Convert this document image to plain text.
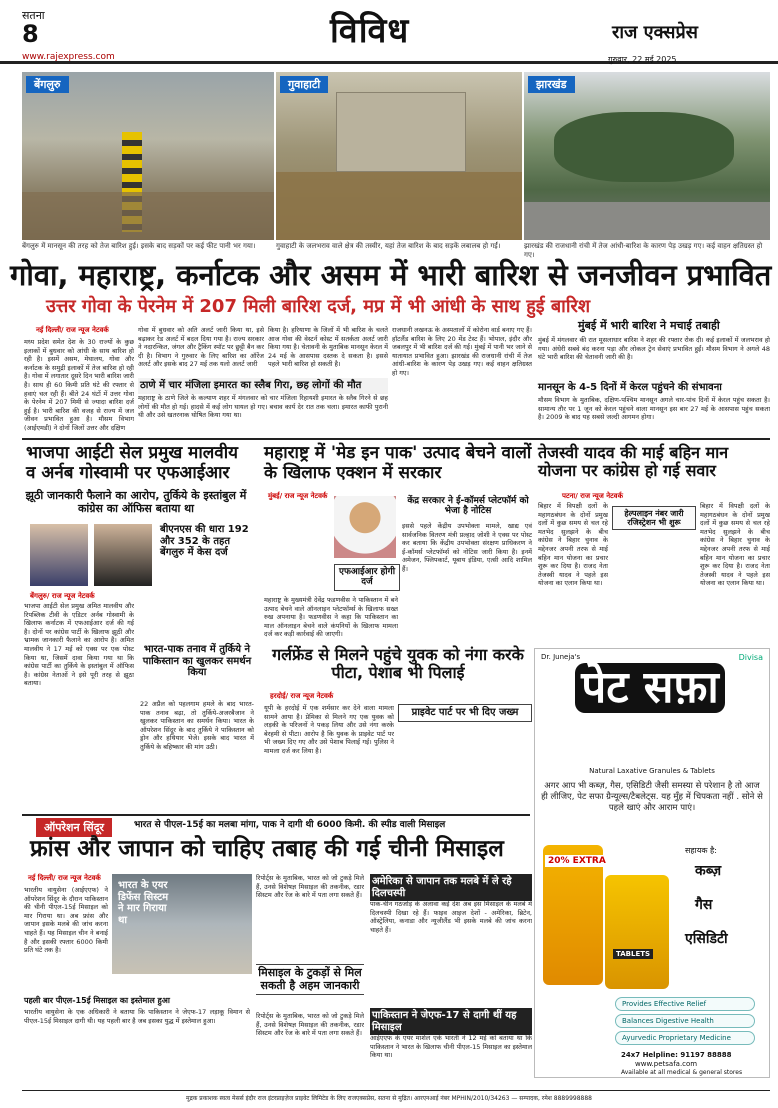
सतना
8
www.rajexpress.com
विविध	राज एक्सप्रेस
गुरुवार, 22 मई 2025
बेंगलुरु	गुवाहाटी	झारखंड
बेंगलुरु में मानसून की तरह को तेज बारिश हुई। इसके बाद सड़कों पर कई फीट पानी भर गया।	गुवाहाटी के जलभराव वाले क्षेत्र की तस्वीर, यहां तेज बारिश के बाद सड़कें लबालब हो गईं।	झारखंड की राजधानी रांची में तेज आंधी-बारिश के कारण पेड़ उखड़ गए। कई वाहन क्षतिग्रस्त हो गए।
गोवा, महाराष्ट्र, कर्नाटक और असम में भारी बारिश से जनजीवन प्रभावित
उत्तर गोवा के पेरनेम में 207 मिली बारिश दर्ज, मप्र में भी आंधी के साथ हुई बारिश
नई दिल्ली/ राज न्यूज नेटवर्क
मध्य प्रदेश समेत देश के 30 राज्यों के कुछ इलाकों में बुधवार को आंधी के साथ बारिश हो रही है। इसमें असम, मेघालय, गोवा और कर्नाटक के समुद्री इलाकों में तेज बारिश हो रही है। गोवा में लगातार दूसरे दिन भारी बारिश जारी है। साथ ही 60 किमी प्रति घंटे की रफ्तार से हवाएं चल रही हैं। बीते 24 घंटों में उत्तर गोवा के पेरनेम में 207 मिमी से ज्यादा बारिश दर्ज हुई है। भारी बारिश की वजह से राज्य में जल जीवन प्रभावित हुआ है। मौसम विभाग (आईएमडी) ने दोनों जिलों उत्तर और दक्षिण
गोवा में बुधवार को अति अलर्ट जारी किया था, इसे बढ़ाकर रेड अलर्ट में बदल दिया गया है। राज्य सरकार ने नदारन्कित, जंगल और ट्रैकिंग स्पॉट पर छुट्टी बैन कर दी है। विभाग ने गुरुवार के लिए बारिश का ऑरेंज अलर्ट और इसके बाद 27 मई तक यलो अलर्ट जारी
किया है। हरियाणा के जिलों में भी बारिश के चलते आज गोवा की वेस्टर्न कोस्ट में सतर्कता अलर्ट जारी किया गया है। चेतावनी के मुताबिक मानसून केरल में 24 मई के आसपास दस्तक दे सकता है। इससे पहले भारी बारिश हो सकती है।
राजधानी लखनऊ के अस्पतालों में कोरोना वार्ड बनाए गए हैं। हॉटलैंड बारिश के लिए 20 मेंड टेस्ट हैं। भोपाल, इंदौर और जबलपुर में भी बारिश दर्ज की गई। मुंबई में पानी भर जाने से यातायात प्रभावित हुआ। झारखंड की राजधानी रांची में तेज आंधी-बारिश के कारण पेड़ उखड़ गए। कई वाहन क्षतिग्रस्त हो गए।
ठाणे में चार मंजिला इमारत का स्लैब गिरा, छह लोगों की मौत
महाराष्ट्र के ठाणे जिले के कल्याण शहर में मंगलवार को चार मंजिला रिहायशी इमारत के स्लैब गिरने से छह लोगों की मौत हो गई। हादसे में कई लोग घायल हो गए। बचाव कार्य देर रात तक चला। इमारत काफी पुरानी थी और उसे खतरनाक घोषित किया गया था।
मुंबई में भारी बारिश ने मचाई तबाही
मुंबई में मंगलवार की रात मूसलाधार बारिश ने शहर की रफ्तार रोक दी। कई इलाकों में जलभराव हो गया। अंधेरी सबवे बंद करना पड़ा और लोकल ट्रेन सेवाएं प्रभावित हुईं। मौसम विभाग ने अगले 48 घंटे भारी बारिश की चेतावनी जारी की है।
मानसून के 4-5 दिनों में केरल पहुंचने की संभावना
मौसम विभाग के मुताबिक, दक्षिण-पश्चिम मानसून अगले चार-पांच दिनों में केरल पहुंच सकता है। सामान्य तौर पर 1 जून को केरल पहुंचने वाला मानसून इस बार 27 मई के आसपास पहुंच सकता है। 2009 के बाद यह सबसे जल्दी आगमन होगा।
भाजपा आईटी सेल प्रमुख मालवीय व अर्नब गोस्वामी पर एफआईआर
झूठी जानकारी फैलाने का आरोप, तुर्किये के इस्तांबुल में कांग्रेस का ऑफिस बताया था
बीएनएस की धारा 192 और 352 के तहत बेंगलुरु में केस दर्ज
बेंगलुरु/ राज न्यूज नेटवर्क
भाजपा आईटी सेल प्रमुख अमित मालवीय और रिपब्लिक टीवी के एडिटर अर्नब गोस्वामी के खिलाफ कर्नाटक में एफआईआर दर्ज की गई है। दोनों पर कांग्रेस पार्टी के खिलाफ झूठी और भ्रामक जानकारी फैलाने का आरोप है। अमित मालवीय ने 17 मई को एक्स पर एक पोस्ट किया था, जिसमें दावा किया गया था कि कांग्रेस पार्टी का तुर्किये के इस्तांबुल में ऑफिस है। कांग्रेस नेताओं ने इसे पूरी तरह से झूठा बताया।
भारत-पाक तनाव में तुर्किये ने पाकिस्तान का खुलकर समर्थन किया
22 अप्रैल को पहलगाम हमले के बाद भारत-पाक तनाव बढ़ा, तो तुर्किये-अजरबैजान ने खुलकर पाकिस्तान का समर्थन किया। भारत के ऑपरेशन सिंदूर के बाद तुर्किये ने पाकिस्तान को ड्रोन और हथियार भेजे। इसके बाद भारत में तुर्किये के बहिष्कार की मांग उठी।
महाराष्ट्र में 'मेड इन पाक' उत्पाद बेचने वालों के खिलाफ एक्शन में सरकार
मुंबई/ राज न्यूज नेटवर्क
एफआईआर होगी दर्ज
केंद्र सरकार ने ई-कॉमर्स प्लेटफॉर्म को भेजा है नोटिस
महाराष्ट्र के मुख्यमंत्री देवेंद्र फडणवीस ने पाकिस्तान में बने उत्पाद बेचने वाले ऑनलाइन प्लेटफॉर्म्स के खिलाफ सख्त रुख अपनाया है। फडणवीस ने कहा कि पाकिस्तान का माल ऑनलाइन बेचने वाले कंपनियों के खिलाफ मामला दर्ज कर कड़ी कार्रवाई की जाएगी।
इससे पहले केंद्रीय उपभोक्ता मामले, खाद्य एवं सार्वजनिक वितरण मंत्री प्रल्हाद जोशी ने एक्स पर पोस्ट कर बताया कि केंद्रीय उपभोक्ता संरक्षण प्राधिकरण ने ई-कॉमर्स प्लेटफॉर्म्स को नोटिस जारी किया है। इनमें अमेजन, फ्लिपकार्ट, यूबाय इंडिया, एत्सी आदि शामिल हैं।
तेजस्वी यादव की माई बहिन मान योजना पर कांग्रेस हो गई सवार
पटना/ राज न्यूज नेटवर्क
हेल्पलाइन नंबर जारी रजिस्ट्रेशन भी शुरू
बिहार में विपक्षी दलों के महागठबंधन के दोनों प्रमुख दलों में कुछ समय से चल रहे मतभेद सुलझने के बीच कांग्रेस ने बिहार चुनाव के मद्देनजर अपनी तरफ से माई बहिन मान योजना का प्रचार शुरू कर दिया है। राजद नेता तेजस्वी यादव ने पहले इस योजना का एलान किया था।
बिहार में विपक्षी दलों के महागठबंधन के दोनों प्रमुख दलों में कुछ समय से चल रहे मतभेद सुलझने के बीच कांग्रेस ने बिहार चुनाव के मद्देनजर अपनी तरफ से माई बहिन मान योजना का प्रचार शुरू कर दिया है। राजद नेता तेजस्वी यादव ने पहले इस योजना का एलान किया था।
गर्लफ्रेंड से मिलने पहुंचे युवक को नंगा करके पीटा, पेशाब भी पिलाई
हरदोई/ राज न्यूज नेटवर्क
यूपी के हरदोई में एक शर्मसार कर देने वाला मामला सामने आया है। प्रेमिका से मिलने गए एक युवक को लड़की के परिजनों ने पकड़ लिया और उसे नंगा करके बेरहमी से पीटा। आरोप है कि युवक के प्राइवेट पार्ट पर भी जख्म दिए गए और उसे पेशाब पिलाई गई। पुलिस ने मामला दर्ज कर लिया है।
प्राइवेट पार्ट पर भी दिए जख्म
Dr. Juneja's	Divisa
पेट सफ़ा
Natural Laxative Granules & Tablets
अगर आप भी कब्ज़, गैस, एसिडिटी जैसी समस्या से परेशान है तो आज ही लीजिए, पेट सफा ग्रैन्यूल्स/टैबलेट्स. यह मुँह में चिपकता नहीं . सोने से पहले खाएं और आराम पाएं।
20% EXTRA
TABLETS
सहायक है:
कब्ज़
गैस
एसिडिटी
Provides Effective Relief
Balances Digestive Health
Ayurvedic Proprietary Medicine
24x7 Helpline: 91197 88888
www.petsafa.com
Available at all medical & general stores
ऑपरेशन सिंदूर	भारत से पीएल-15ई का मलबा मांगा, पाक ने दागी थी 6000 किमी. की स्पीड वाली मिसाइल
फ्रांस और जापान को चाहिए तबाह की गई चीनी मिसाइल
नई दिल्ली/ राज न्यूज नेटवर्क
भारतीय वायुसेना (आईएएफ) ने ऑपरेशन सिंदूर के दौरान पाकिस्तान की चीनी पीएल-15ई मिसाइल को मार गिराया था। अब फ्रांस और जापान इसके मलबे की जांच करना चाहते हैं। यह मिसाइल चीन ने बनाई है और इसकी रफ्तार 6000 किमी प्रति घंटे तक है।
भारत के एयर डिफेंस सिस्टम ने मार गिराया था
रिपोर्ट्स के मुताबिक, भारत को जो टुकड़े मिले हैं, उनसे विशेषज्ञ मिसाइल की तकनीक, रडार सिस्टम और रेंज के बारे में पता लगा सकते हैं।
मिसाइल के टुकड़ों से मिल सकती है अहम जानकारी
रिपोर्ट्स के मुताबिक, भारत को जो टुकड़े मिले हैं, उनसे विशेषज्ञ मिसाइल की तकनीक, रडार सिस्टम और रेंज के बारे में पता लगा सकते हैं।
पहली बार पीएल-15ई मिसाइल का इस्तेमाल हुआ
भारतीय वायुसेना के एक अधिकारी ने बताया कि पाकिस्तान ने जेएफ-17 लड़ाकू विमान से पीएल-15ई मिसाइल दागी थी। यह पहली बार है जब इसका युद्ध में इस्तेमाल हुआ।
अमेरिका से जापान तक मलबे में ले रहे दिलचस्पी
पाक-चीन गठजोड़ के अलावा कई देश अब इस मिसाइल के मलबे में दिलचस्पी दिखा रहे हैं। फाइव आइज देशों - अमेरिका, ब्रिटेन, ऑस्ट्रेलिया, कनाडा और न्यूजीलैंड भी इसके मलबे की जांच करना चाहते हैं।
पाकिस्तान ने जेएफ-17 से दागी थीं यह मिसाइल
आईएएफ के एयर मार्शल एके भारती ने 12 मई को बताया था कि पाकिस्तान ने भारत के खिलाफ चीनी पीएल-15 मिसाइल का इस्तेमाल किया था।
मुद्रक प्रकाशक स्वत्व मेसर्स इंदौर राज इंटरप्राइज़ेज प्राइवेट लिमिटेड के लिए राजएक्सप्रेस, सतना से मुद्रित। आरएनआई नंबर MPHIN/2010/34263 — सम्पादक, रमेश 8889998888
